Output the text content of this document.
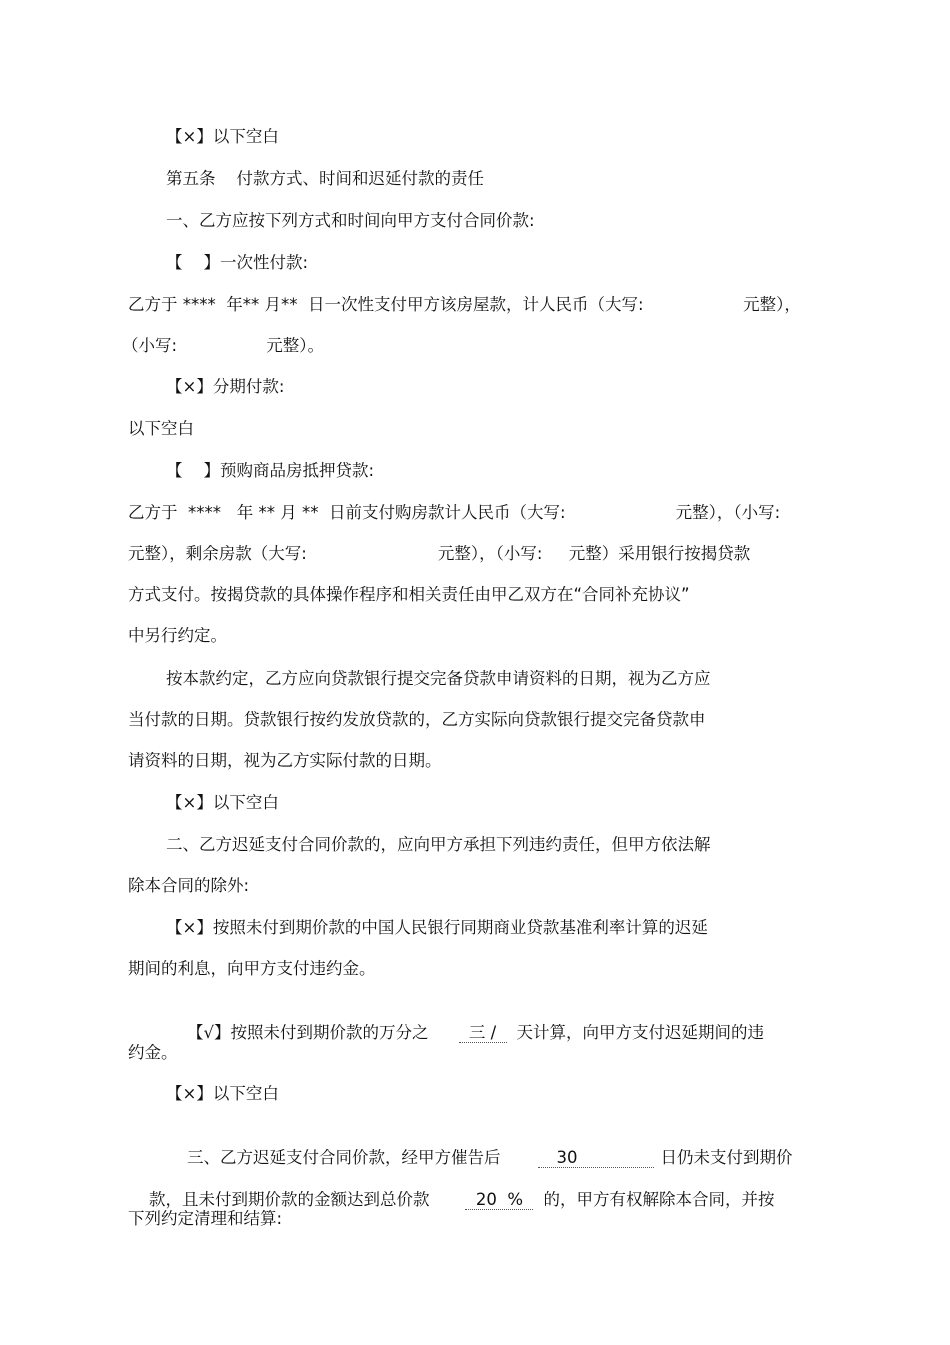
【×】以下空白
第五条    付款方式、时间和迟延付款的责任
一、乙方应按下列方式和时间向甲方支付合同价款:
【    】一次性付款:
乙方于 ****  年** 月**  日一次性支付甲方该房屋款，计人民币（大写:                   元整），
（小写:                 元整）。
【×】分期付款:
以下空白
【    】预购商品房抵押贷款:
乙方于  ****   年 ** 月 **  日前支付购房款计人民币（大写:                     元整），（小写:
元整），剩余房款（大写:                         元整），（小写:     元整）采用银行按揭贷款
方式支付。按揭贷款的具体操作程序和相关责任由甲乙双方在“合同补充协议”
中另行约定。
按本款约定，乙方应向贷款银行提交完备贷款申请资料的日期，视为乙方应
当付款的日期。贷款银行按约发放贷款的，乙方实际向贷款银行提交完备贷款申
请资料的日期，视为乙方实际付款的日期。
【×】以下空白
二、乙方迟延支付合同价款的，应向甲方承担下列违约责任，但甲方依法解
除本合同的除外:
【×】按照未付到期价款的中国人民银行同期商业贷款基准利率计算的迟延
期间的利息，向甲方支付违约金。

【√】按照未付到期价款的万分之 三 / 天计算，向甲方支付迟延期间的违

约金。
【×】以下空白

三、乙方迟延支付合同价款，经甲方催告后	30	日仍未支付到期价

款，且未付到期价款的金额达到总价款	20  % 的，甲方有权解除本合同，并按

下列约定清理和结算:
